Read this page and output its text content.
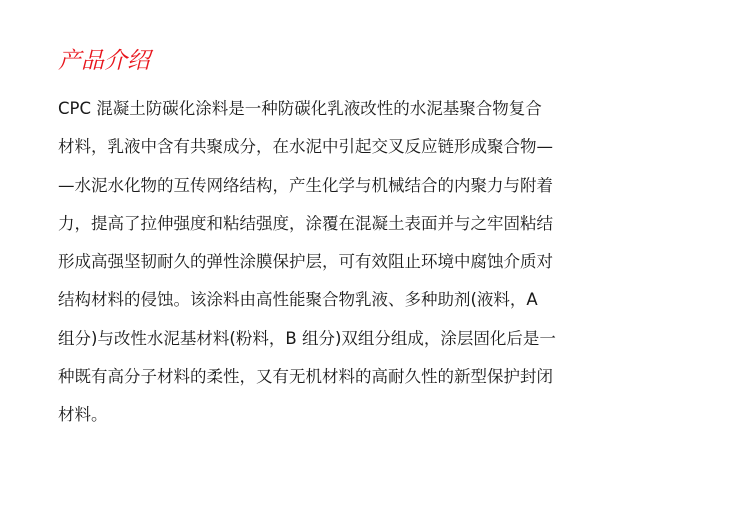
产品介绍
CPC 混凝土防碳化涂料是一种防碳化乳液改性的水泥基聚合物复合
材料，乳液中含有共聚成分，在水泥中引起交叉反应链形成聚合物—
—水泥水化物的互传网络结构，产生化学与机械结合的内聚力与附着
力，提高了拉伸强度和粘结强度，涂覆在混凝土表面并与之牢固粘结
形成高强坚韧耐久的弹性涂膜保护层，可有效阻止环境中腐蚀介质对
结构材料的侵蚀。该涂料由高性能聚合物乳液、多种助剂(液料，A
组分)与改性水泥基材料(粉料，B 组分)双组分组成，涂层固化后是一
种既有高分子材料的柔性，又有无机材料的高耐久性的新型保护封闭
材料。
